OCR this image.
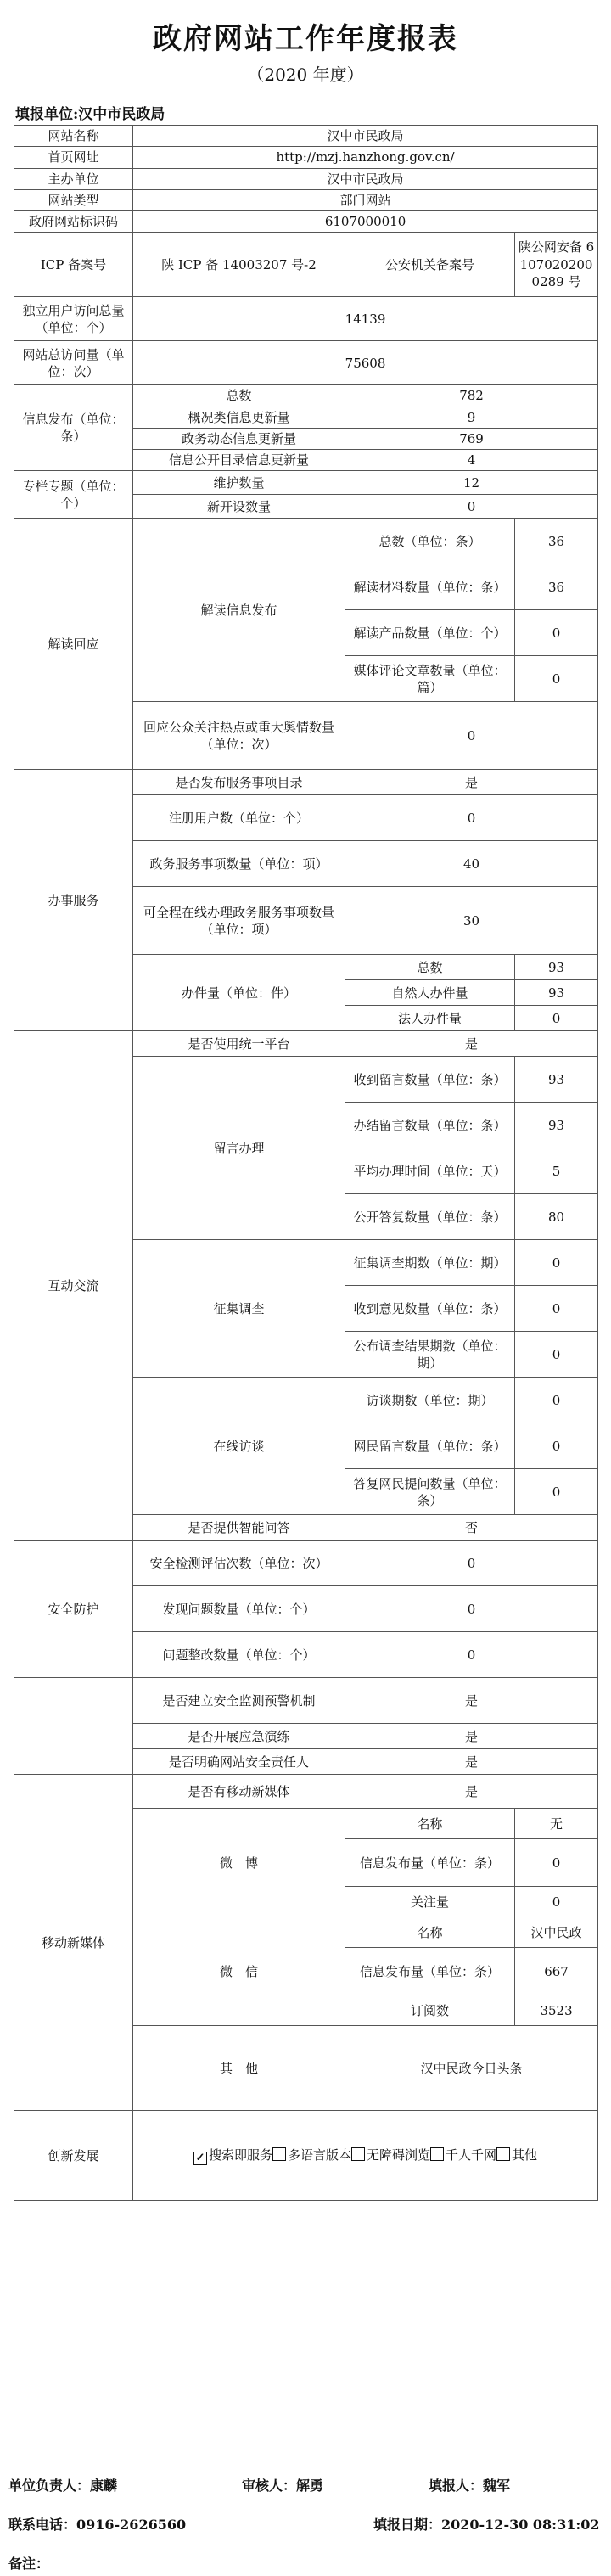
政府网站工作年度报表
（2020 年度）
填报单位:汉中市民政局
网站名称	汉中市民政局		
首页网址	http://mzj.hanzhong.gov.cn/		
主办单位	汉中市民政局		
网站类型	部门网站		
政府网站标识码	6107000010		
ICP 备案号	陕 ICP 备 14003207 号-2	公安机关备案号	陕公网安备 61070202000289 号
独立用户访问总量（单位：个）	14139		
网站总访问量（单位：次）	75608		
信息发布（单位：条）	总数	782	
	概况类信息更新量	9	
	政务动态信息更新量	769	
	信息公开目录信息更新量	4	
专栏专题（单位：个）	维护数量	12	
	新开设数量	0	
解读回应	解读信息发布	总数（单位：条）	36
		解读材料数量（单位：条）	36
		解读产品数量（单位：个）	0
		媒体评论文章数量（单位：篇）	0
	回应公众关注热点或重大舆情数量（单位：次）	0	
办事服务	是否发布服务事项目录	是	
	注册用户数（单位：个）	0	
	政务服务事项数量（单位：项）	40	
	可全程在线办理政务服务事项数量（单位：项）	30	
	办件量（单位：件）	总数	93
		自然人办件量	93
		法人办件量	0
互动交流	是否使用统一平台	是	
	留言办理	收到留言数量（单位：条）	93
		办结留言数量（单位：条）	93
		平均办理时间（单位：天）	5
		公开答复数量（单位：条）	80
	征集调查	征集调查期数（单位：期）	0
		收到意见数量（单位：条）	0
		公布调查结果期数（单位：期）	0
	在线访谈	访谈期数（单位：期）	0
		网民留言数量（单位：条）	0
		答复网民提问数量（单位：条）	0
	是否提供智能问答	否	
安全防护	安全检测评估次数（单位：次）	0	
	发现问题数量（单位：个）	0	
	问题整改数量（单位：个）	0	
	是否建立安全监测预警机制	是	
	是否开展应急演练	是	
	是否明确网站安全责任人	是	
移动新媒体	是否有移动新媒体	是	
	微　博	名称	无
		信息发布量（单位：条）	0
		关注量	0
	微　信	名称	汉中民政
		信息发布量（单位：条）	667
		订阅数	3523
	其　他	汉中民政今日头条	
创新发展	✓ 搜索即服务 多语言版本 无障碍浏览 千人千网 其他		
单位负责人：康麟	审核人：解勇	填报人：魏军
联系电话：0916-2626560	填报日期：2020-12-30 08:31:02
备注：
